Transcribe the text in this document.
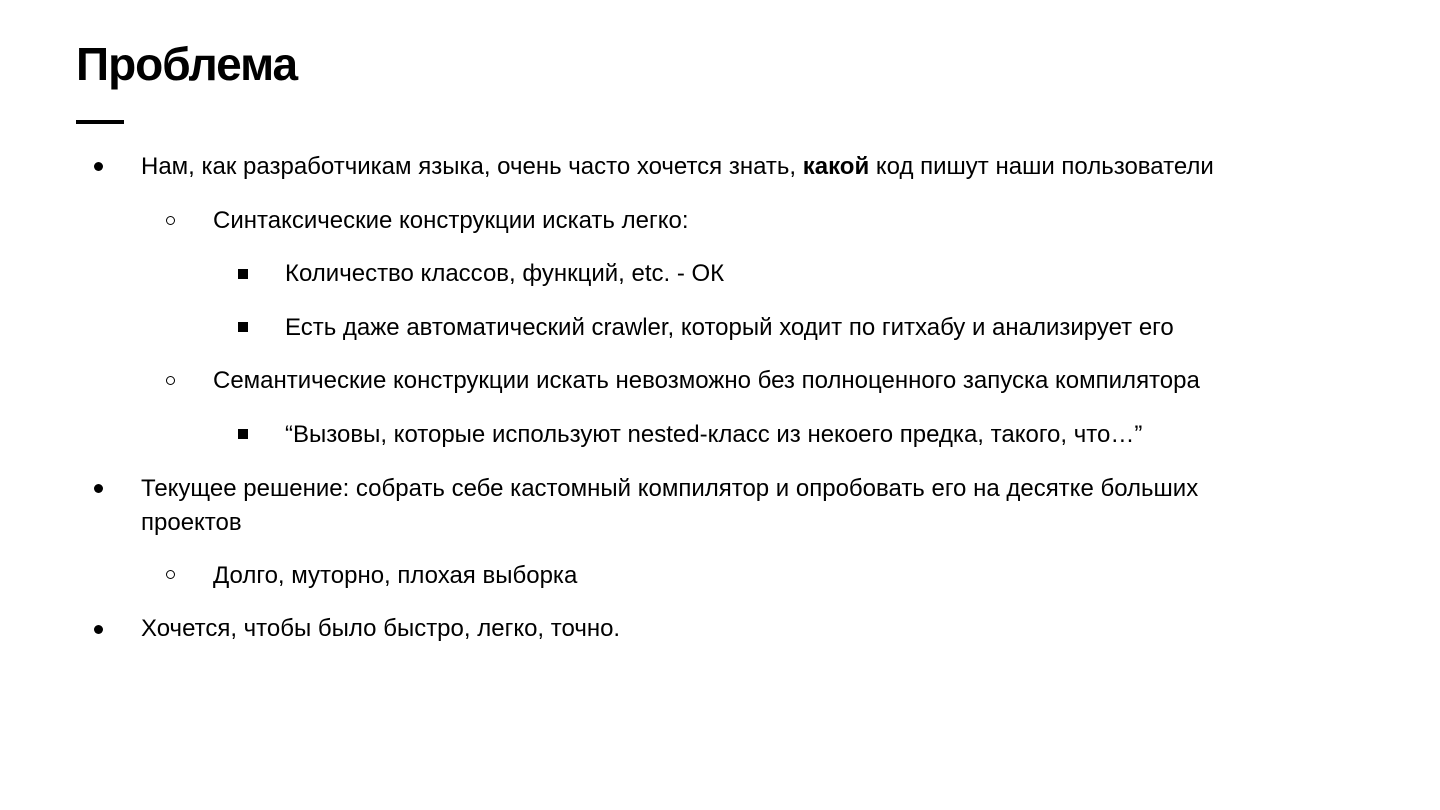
Проблема
Нам, как разработчикам языка, очень часто хочется знать, какой код пишут наши пользователи
Синтаксические конструкции искать легко:
Количество классов, функций, etc. - ОК
Есть даже автоматический crawler, который ходит по гитхабу и анализирует его
Семантические конструкции искать невозможно без полноценного запуска компилятора
“Вызовы, которые используют nested-класс из некоего предка, такого, что…”
Текущее решение: собрать себе кастомный компилятор и опробовать его на десятке больших
проектов
Долго, муторно, плохая выборка
Хочется, чтобы было быстро, легко, точно.
